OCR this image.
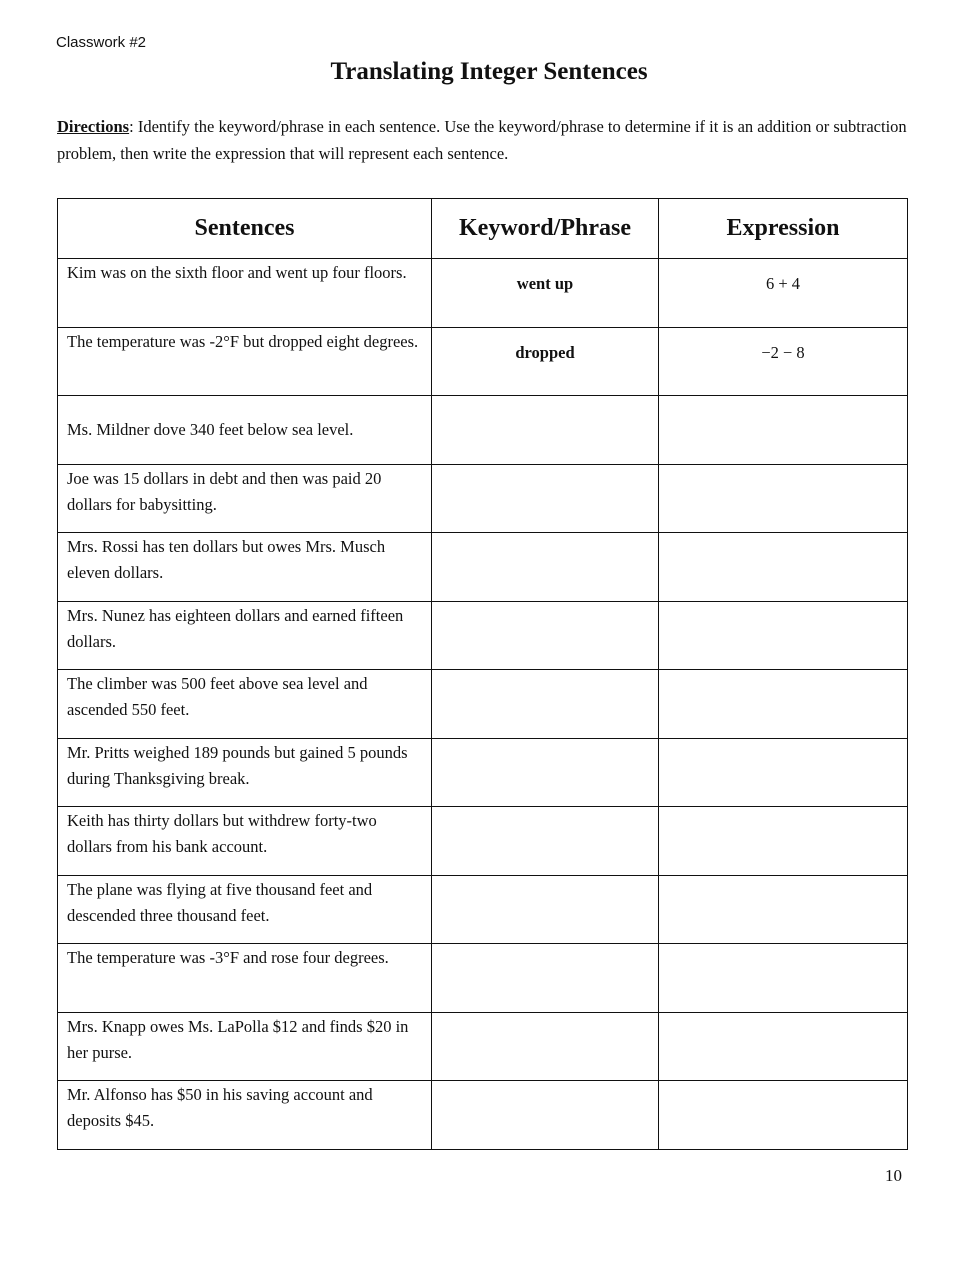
Classwork #2
Translating Integer Sentences
Directions: Identify the keyword/phrase in each sentence. Use the keyword/phrase to determine if it is an addition or subtraction problem, then write the expression that will represent each sentence.
Sentences	Keyword/Phrase	Expression
Kim was on the sixth floor and went up four floors.	went up	6 + 4
The temperature was -2°F but dropped eight degrees.	dropped	−2 − 8
Ms. Mildner dove 340 feet below sea level.		
Joe was 15 dollars in debt and then was paid 20 dollars for babysitting.		
Mrs. Rossi has ten dollars but owes Mrs. Musch eleven dollars.		
Mrs. Nunez has eighteen dollars and earned fifteen dollars.		
The climber was 500 feet above sea level and ascended 550 feet.		
Mr. Pritts weighed 189 pounds but gained 5 pounds during Thanksgiving break.		
Keith has thirty dollars but withdrew forty-two dollars from his bank account.		
The plane was flying at five thousand feet and descended three thousand feet.		
The temperature was -3°F and rose four degrees.		
Mrs. Knapp owes Ms. LaPolla $12 and finds $20 in her purse.		
Mr. Alfonso has $50 in his saving account and deposits $45.		
10
